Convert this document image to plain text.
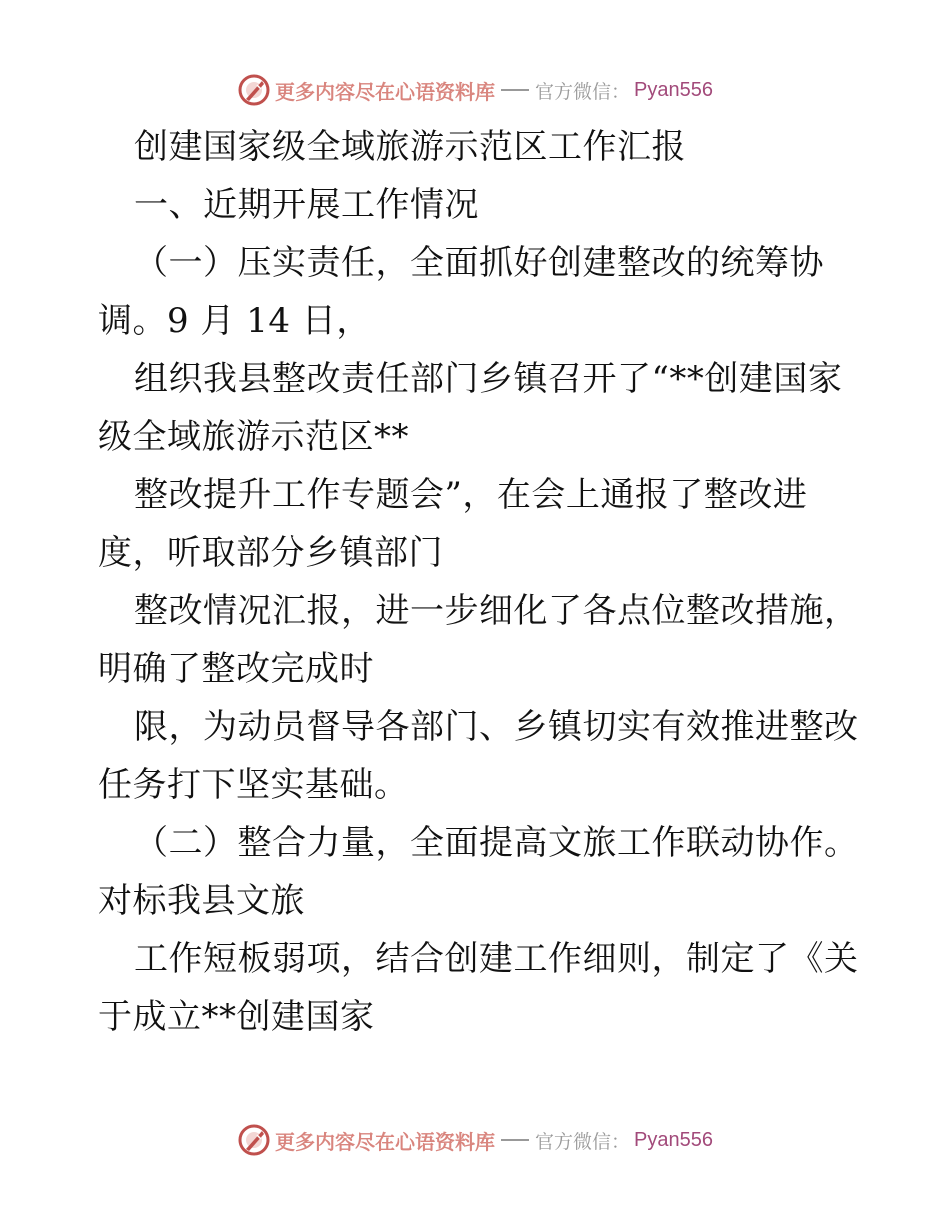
更多内容尽在心语资料库 官方微信： Pyan556
创建国家级全域旅游示范区工作汇报
一、近期开展工作情况
（一）压实责任，全面抓好创建整改的统筹协
调。9 月 14 日，
组织我县整改责任部门乡镇召开了“**创建国家
级全域旅游示范区**
整改提升工作专题会”，在会上通报了整改进
度，听取部分乡镇部门
整改情况汇报，进一步细化了各点位整改措施，
明确了整改完成时
限，为动员督导各部门、乡镇切实有效推进整改
任务打下坚实基础。
（二）整合力量，全面提高文旅工作联动协作。
对标我县文旅
工作短板弱项，结合创建工作细则，制定了《关
于成立**创建国家
更多内容尽在心语资料库 官方微信： Pyan556
